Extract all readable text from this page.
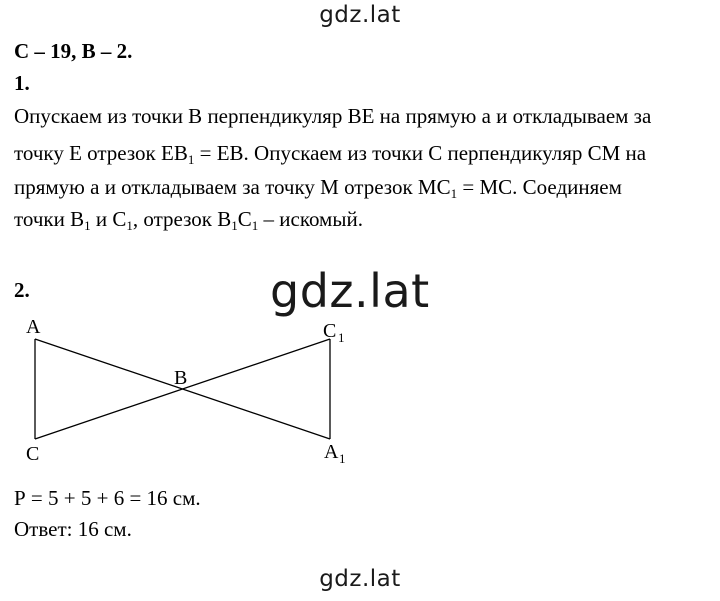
gdz.lat
С – 19, В – 2.
1.
Опускаем из точки В перпендикуляр ВЕ на прямую а и откладываем за
точку Е отрезок $ЕВ_1$ = ЕВ. Опускаем из точки С перпендикуляр СМ на
прямую а и откладываем за точку М отрезок $МС_1$ = МС. Соединяем
точки $В_1$ и $С_1$, отрезок $В_1С_1$ – искомый.
2.	gdz.lat
A
B
C
C 1
A 1
Р = 5 + 5 + 6 = 16 см.
Ответ: 16 см.
gdz.lat
